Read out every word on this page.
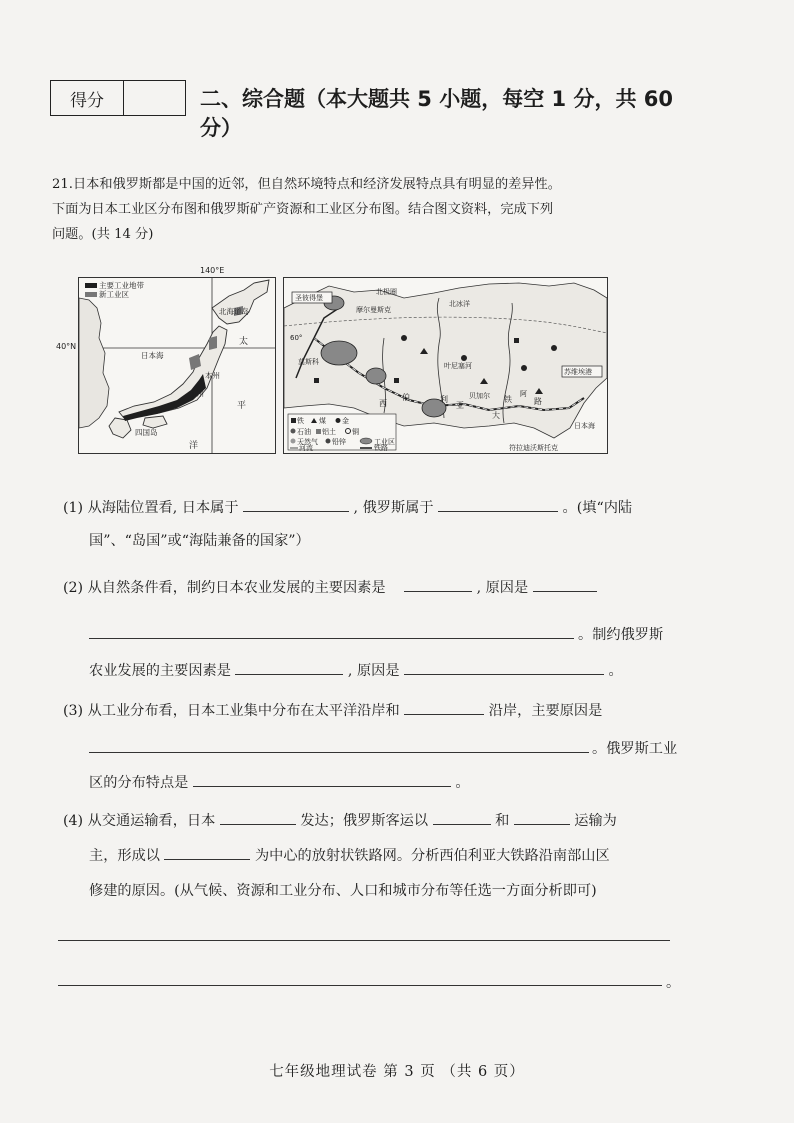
得分	二、综合题（本大题共 5 小题，每空 1 分，共 60 分）
21.日本和俄罗斯都是中国的近邻，但自然环境特点和经济发展特点具有明显的差异性。
下面为日本工业区分布图和俄罗斯矿产资源和工业区分布图。结合图文资料，完成下列
问题。(共 14 分)
140°E
40°N
主要工业地带
新工业区
北海道岛
日本海
本州
九州
四国岛
太
平
洋
圣彼得堡
苏维埃港
北极圈
北冰洋
摩尔曼斯克
莫斯科
60°
叶尼塞河
西
伯	利
亚
大
铁	路
贝加尔	阿
日本海
符拉迪沃斯托克
铁 煤 金
石油 铝土 铜
天然气 铅锌
河流
工业区
铁路
(1) 从海陆位置看, 日本属于	, 俄罗斯属于	。(填“内陆
国”、“岛国”或“海陆兼备的国家”）
(2) 从自然条件看，制约日本农业发展的主要因素是	, 原因是
。制约俄罗斯
农业发展的主要因素是	, 原因是	。
(3) 从工业分布看，日本工业集中分布在太平洋沿岸和	沿岸，主要原因是
。俄罗斯工业
区的分布特点是	。
(4) 从交通运输看，日本	发达；俄罗斯客运以	和	运输为
主，形成以	为中心的放射状铁路网。分析西伯利亚大铁路沿南部山区
修建的原因。(从气候、资源和工业分布、人口和城市分布等任选一方面分析即可)
。
七年级地理试卷 第 3 页 （共 6 页）
